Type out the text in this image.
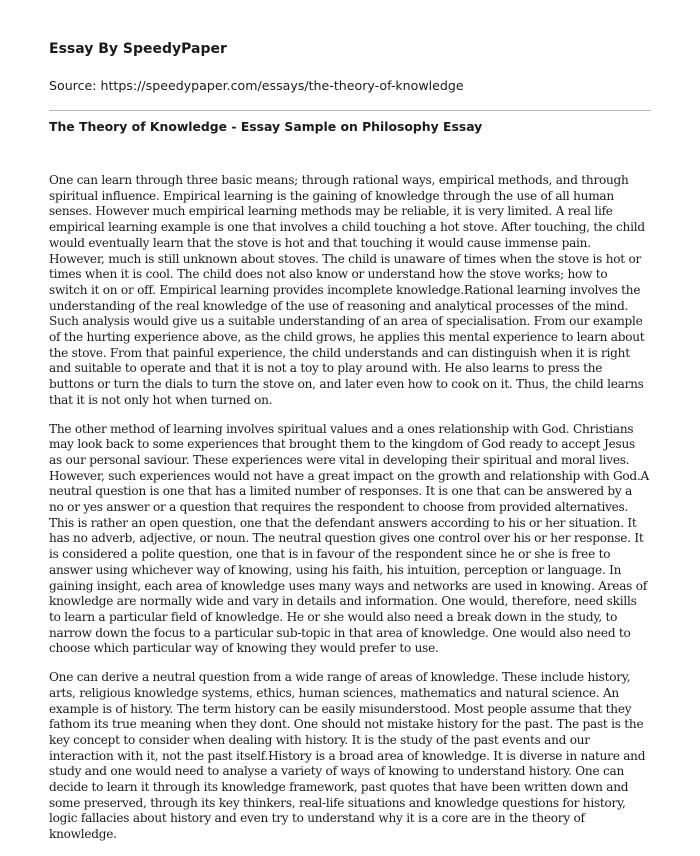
Essay By SpeedyPaper

Source: https://speedypaper.com/essays/the-theory-of-knowledge

The Theory of Knowledge - Essay Sample on Philosophy Essay

One can learn through three basic means; through rational ways, empirical methods, and through spiritual influence. Empirical learning is the gaining of knowledge through the use of all human senses. However much empirical learning methods may be reliable, it is very limited. A real life empirical learning example is one that involves a child touching a hot stove. After touching, the child would eventually learn that the stove is hot and that touching it would cause immense pain. However, much is still unknown about stoves. The child is unaware of times when the stove is hot or times when it is cool. The child does not also know or understand how the stove works; how to switch it on or off. Empirical learning provides incomplete knowledge.Rational learning involves the understanding of the real knowledge of the use of reasoning and analytical processes of the mind. Such analysis would give us a suitable understanding of an area of specialisation. From our example of the hurting experience above, as the child grows, he applies this mental experience to learn about the stove. From that painful experience, the child understands and can distinguish when it is right and suitable to operate and that it is not a toy to play around with. He also learns to press the buttons or turn the dials to turn the stove on, and later even how to cook on it. Thus, the child learns that it is not only hot when turned on.

The other method of learning involves spiritual values and a ones relationship with God. Christians may look back to some experiences that brought them to the kingdom of God ready to accept Jesus as our personal saviour. These experiences were vital in developing their spiritual and moral lives. However, such experiences would not have a great impact on the growth and relationship with God.A neutral question is one that has a limited number of responses. It is one that can be answered by a no or yes answer or a question that requires the respondent to choose from provided alternatives. This is rather an open question, one that the defendant answers according to his or her situation. It has no adverb, adjective, or noun. The neutral question gives one control over his or her response. It is considered a polite question, one that is in favour of the respondent since he or she is free to answer using whichever way of knowing, using his faith, his intuition, perception or language. In gaining insight, each area of knowledge uses many ways and networks are used in knowing. Areas of knowledge are normally wide and vary in details and information. One would, therefore, need skills to learn a particular field of knowledge. He or she would also need a break down in the study, to narrow down the focus to a particular sub-topic in that area of knowledge. One would also need to choose which particular way of knowing they would prefer to use.

One can derive a neutral question from a wide range of areas of knowledge. These include history, arts, religious knowledge systems, ethics, human sciences, mathematics and natural science. An example is of history. The term history can be easily misunderstood. Most people assume that they fathom its true meaning when they dont. One should not mistake history for the past. The past is the key concept to consider when dealing with history. It is the study of the past events and our interaction with it, not the past itself.History is a broad area of knowledge. It is diverse in nature and study and one would need to analyse a variety of ways of knowing to understand history. One can decide to learn it through its knowledge framework, past quotes that have been written down and some preserved, through its key thinkers, real-life situations and knowledge questions for history, logic fallacies about history and even try to understand why it is a core are in the theory of knowledge.
